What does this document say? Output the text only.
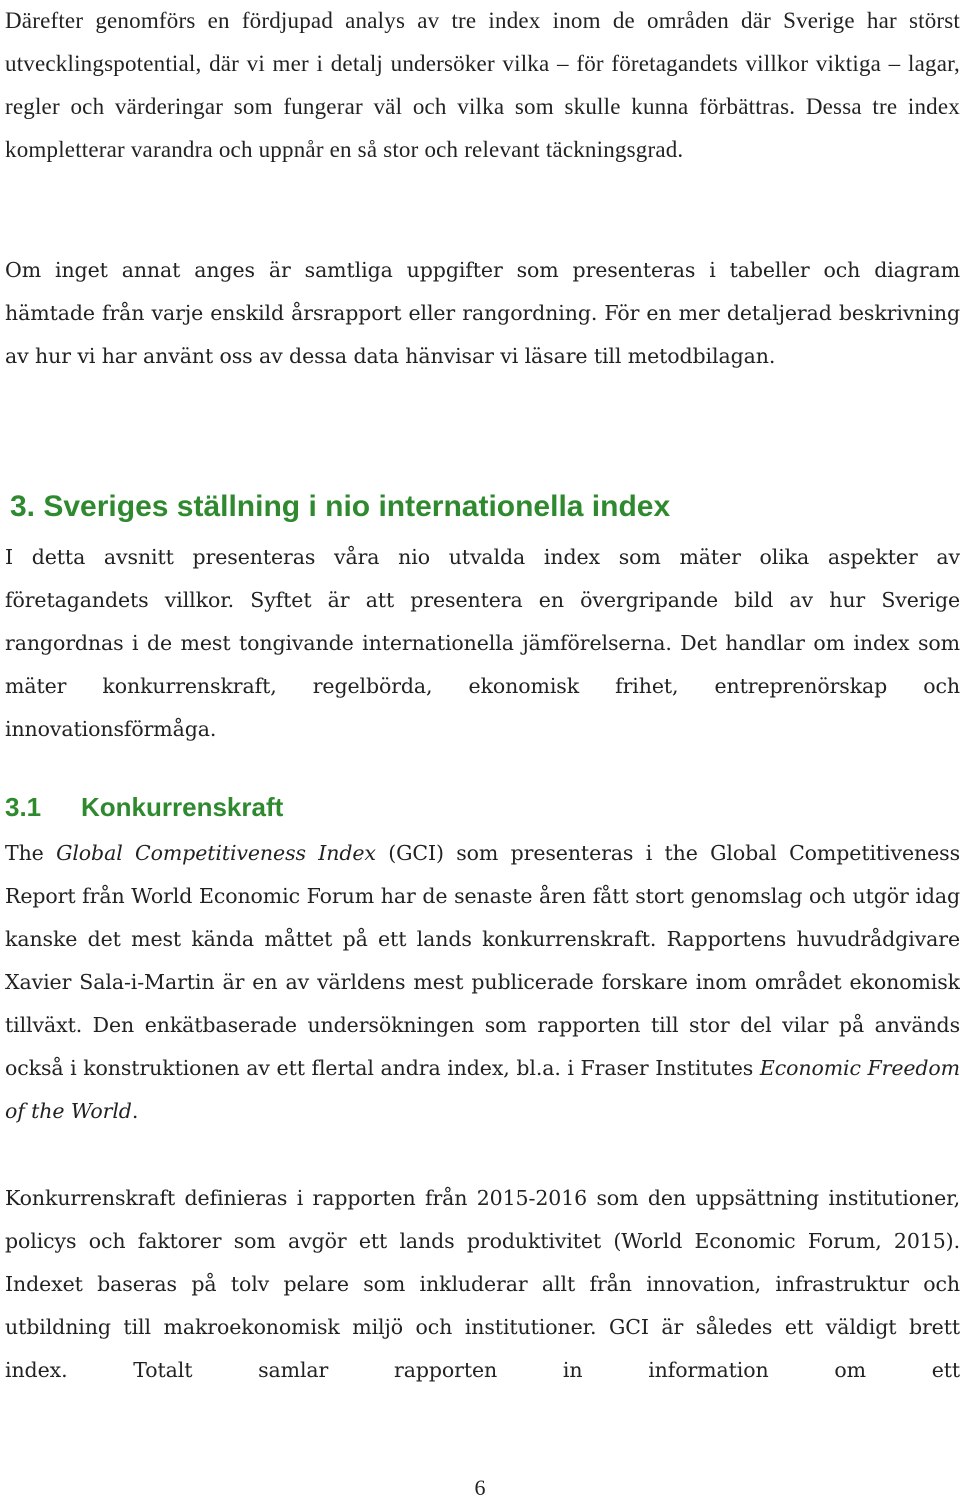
Därefter genomförs en fördjupad analys av tre index inom de områden där Sverige har störst utvecklingspotential, där vi mer i detalj undersöker vilka – för företagandets villkor viktiga – lagar, regler och värderingar som fungerar väl och vilka som skulle kunna förbättras. Dessa tre index kompletterar varandra och uppnår en så stor och relevant täckningsgrad.

Om inget annat anges är samtliga uppgifter som presenteras i tabeller och diagram hämtade från varje enskild årsrapport eller rangordning. För en mer detaljerad beskrivning av hur vi har använt oss av dessa data hänvisar vi läsare till metodbilagan.

3. Sveriges ställning i nio internationella index

I detta avsnitt presenteras våra nio utvalda index som mäter olika aspekter av företagandets villkor. Syftet är att presentera en övergripande bild av hur Sverige rangordnas i de mest tongivande internationella jämförelserna. Det handlar om index som mäter konkurrenskraft, regelbörda, ekonomisk frihet, entreprenörskap och innovationsförmåga.

3.1 Konkurrenskraft

The Global Competitiveness Index (GCI) som presenteras i the Global Competitiveness Report från World Economic Forum har de senaste åren fått stort genomslag och utgör idag kanske det mest kända måttet på ett lands konkurrenskraft. Rapportens huvudrådgivare Xavier Sala-i-Martin är en av världens mest publicerade forskare inom området ekonomisk tillväxt. Den enkätbaserade undersökningen som rapporten till stor del vilar på används också i konstruktionen av ett flertal andra index, bl.a. i Fraser Institutes Economic Freedom of the World.

Konkurrenskraft definieras i rapporten från 2015-2016 som den uppsättning institutioner, policys och faktorer som avgör ett lands produktivitet (World Economic Forum, 2015). Indexet baseras på tolv pelare som inkluderar allt från innovation, infrastruktur och utbildning till makroekonomisk miljö och institutioner. GCI är således ett väldigt brett index. Totalt samlar rapporten in information om ett

6
